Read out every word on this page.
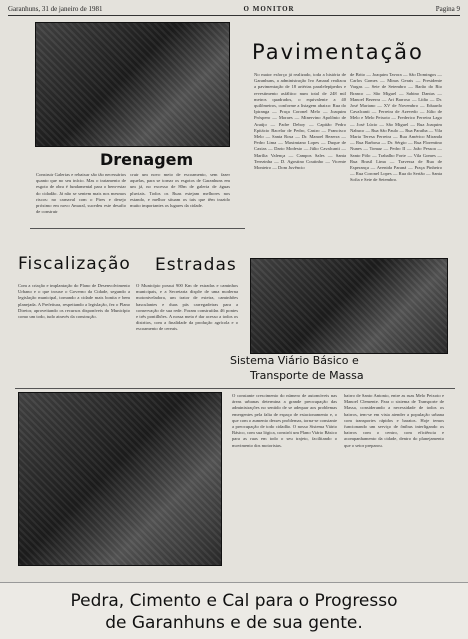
Garanhuns, 31 de janeiro de 1981	O MONITOR	Pagina 9
Pavimentação
No maior esforço já realizado, toda a história de Garanhuns, a administração Ivo Amaral realizou a pavimentação de 18 artérias paralelepípedos e revestimento asfáltico num total de 248 mil metros quadrados, o equivalente a 40 quilômetros, conforme a listagem abaixo: Rua do Ipiranga — Praça Coronel Melo — Joaquim Próspero — Moraes — Minervino Apolônio de Araújo — Padre Deboy — Capitão Pedro Epitácio Bacelar de Pedro, Castro — Francisco Melo — Santa Rosa — Dr. Manoel Bezerra — Pedro Lima — Maximiano Lopes — Duque de Caxias — Dario Modesto — Júlio Cavalcanti — Marília Valença — Campos Sales — Santa Terezinha — D. Agostino Coutinho — Vicente Monteiro — Dom Juvêncio
de Brito — Joaquim Tavora — São Domingos — Carlos Gomes — Minas Gerais — Presidente Vargas — Sete de Setembro — Barão do Rio Branco — São Miguel — Sabino Dantas — Manoel Bezerra — Ari Barroso — Lídio — Dr. José Mariano — XV de Novembro — Eduardo Cavalcanti — Ferreira de Azevedo — Júlio de Melo e Melo Peixoto — Frederico Ferreira Lago — José Lúcio — São Miguel — Rua Joaquim Nabuco — Rua São Paulo — Rua Paraíba — Vila Maria Teresa Ferreira — Rua Américo Miranda — Rua Barbosa — Dr. Sérgio — Rua Florentino Nunes — Tomaz — Pedro II — João Pessoa — Santo Pólo — Trabalho Forte — Vila Gomes — Rua Brasil Lima — Travessa de Rua de Esperança — Avenida Paraná — Praça Pinheiro — Rua Coronel Lopes — Rua do Sertão — Santa Sofia e Sete de Setembro.
Drenagem
Construir Galerias e rebaixar são tão necessários quanto que no seu início. Mas o tratamento de esgoto de obra é fundamental para o bem-estar do cidadão. Já não se sentem mais nos mesmos riscos: no carnaval com o Pires e desejo próximo em novo Amaral, sucedeu este desafio de construir
cruir um novo meio de escoamento, sem fazer aquelas, para se tornar os esgotos de Garanhuns em um já, no excesso de 80m de galeria de águas pluviais. Todos os Ruas estejam melhores nos estando, e melhor situam os tais que têm trazido muito importantes os lugares da cidade.
Fiscalização Estradas
Com a criação e implantação do Plano de Desenvolvimento Urbano e o que trouxe o Governo da Cidade, segundo a legislação municipal, tornando a cidade mais bonita e bem planejada. A Prefeitura, respeitando a legislação, fez o Plano Diretor, aproveitando os recursos disponíveis do Município como um todo, tudo através da construção.
O Município possui 900 Km de estradas e caminhos municipais, e a Secretaria dispõe de uma moderna motoniveladora, um trator de esteira, caminhões basculantes e duas pás carregadeiras para a conservação de sua rede. Foram construídas 46 pontes e três pontilhões. A nossa meta é dar acesso a todos os distritos, com a finalidade da produção agrícola e o escoamento de cereais.
Sistema Viário Básico e
Transporte de Massa
O constante crescimento do número de automóveis nas áreas urbanas determina a grande preocupação das administrações no sentido de se adequar aos problemas emergentes pela falta de espaço de estacionamento e, o que com o aumento desses problemas, torna-se constante a preocupação de todo cidadão. O nosso Sistema Viário Básico, com sua lógica, constrói um Plano Viário Básico para as ruas em todo o seu trajeto, facilitando o movimento dos motoristas.
bairro de Santo Antonio, entre as ruas Melo Peixoto e Manoel Clemente. Para o sistema de Transporte de Massa, considerando a necessidade de todos os bairros, tem-se em vista atender a população urbana com transportes rápidos e baratos. Hoje temos funcionando um serviço de ônibus interligando os bairros com o centro, com eficiência e acompanhamento da cidade, dentro do planejamento que o setor preparou.

Pedra, Cimento e Cal para o Progresso

de Garanhuns e de sua gente.
